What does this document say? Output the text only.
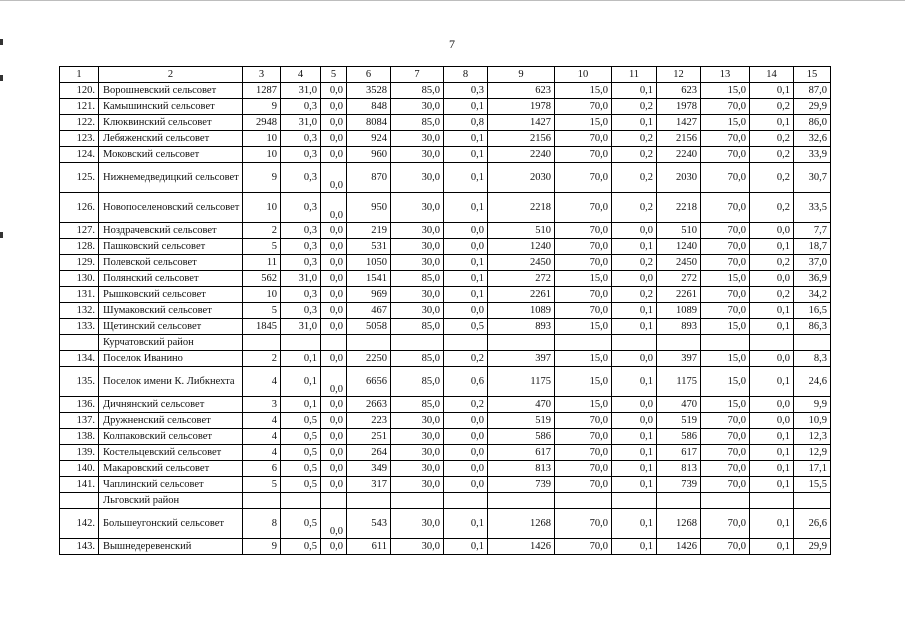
7
1	2	3	4	5	6	7	8	9	10	11	12	13	14	15
120.	Ворошневский сельсовет	1287	31,0	0,0	3528	85,0	0,3	623	15,0	0,1	623	15,0	0,1	87,0
121.	Камышинский сельсовет	9	0,3	0,0	848	30,0	0,1	1978	70,0	0,2	1978	70,0	0,2	29,9
122.	Клюквинский сельсовет	2948	31,0	0,0	8084	85,0	0,8	1427	15,0	0,1	1427	15,0	0,1	86,0
123.	Лебяженский сельсовет	10	0,3	0,0	924	30,0	0,1	2156	70,0	0,2	2156	70,0	0,2	32,6
124.	Моковский сельсовет	10	0,3	0,0	960	30,0	0,1	2240	70,0	0,2	2240	70,0	0,2	33,9
125.	Нижнемедведицкий сельсовет	9	0,3	0,0	870	30,0	0,1	2030	70,0	0,2	2030	70,0	0,2	30,7
126.	Новопоселеновский сельсовет	10	0,3	0,0	950	30,0	0,1	2218	70,0	0,2	2218	70,0	0,2	33,5
127.	Ноздрачевский сельсовет	2	0,3	0,0	219	30,0	0,0	510	70,0	0,0	510	70,0	0,0	7,7
128.	Пашковский сельсовет	5	0,3	0,0	531	30,0	0,0	1240	70,0	0,1	1240	70,0	0,1	18,7
129.	Полевской сельсовет	11	0,3	0,0	1050	30,0	0,1	2450	70,0	0,2	2450	70,0	0,2	37,0
130.	Полянский сельсовет	562	31,0	0,0	1541	85,0	0,1	272	15,0	0,0	272	15,0	0,0	36,9
131.	Рышковский сельсовет	10	0,3	0,0	969	30,0	0,1	2261	70,0	0,2	2261	70,0	0,2	34,2
132.	Шумаковский сельсовет	5	0,3	0,0	467	30,0	0,0	1089	70,0	0,1	1089	70,0	0,1	16,5
133.	Щетинский сельсовет	1845	31,0	0,0	5058	85,0	0,5	893	15,0	0,1	893	15,0	0,1	86,3
	Курчатовский район													
134.	Поселок Иванино	2	0,1	0,0	2250	85,0	0,2	397	15,0	0,0	397	15,0	0,0	8,3
135.	Поселок имени К. Либкнехта	4	0,1	0,0	6656	85,0	0,6	1175	15,0	0,1	1175	15,0	0,1	24,6
136.	Дичнянский сельсовет	3	0,1	0,0	2663	85,0	0,2	470	15,0	0,0	470	15,0	0,0	9,9
137.	Дружненский сельсовет	4	0,5	0,0	223	30,0	0,0	519	70,0	0,0	519	70,0	0,0	10,9
138.	Колпаковский сельсовет	4	0,5	0,0	251	30,0	0,0	586	70,0	0,1	586	70,0	0,1	12,3
139.	Костельцевский сельсовет	4	0,5	0,0	264	30,0	0,0	617	70,0	0,1	617	70,0	0,1	12,9
140.	Макаровский сельсовет	6	0,5	0,0	349	30,0	0,0	813	70,0	0,1	813	70,0	0,1	17,1
141.	Чаплинский сельсовет	5	0,5	0,0	317	30,0	0,0	739	70,0	0,1	739	70,0	0,1	15,5
	Льговский район													
142.	Большеугонский сельсовет	8	0,5	0,0	543	30,0	0,1	1268	70,0	0,1	1268	70,0	0,1	26,6
143.	Вышнедеревенский	9	0,5	0,0	611	30,0	0,1	1426	70,0	0,1	1426	70,0	0,1	29,9
